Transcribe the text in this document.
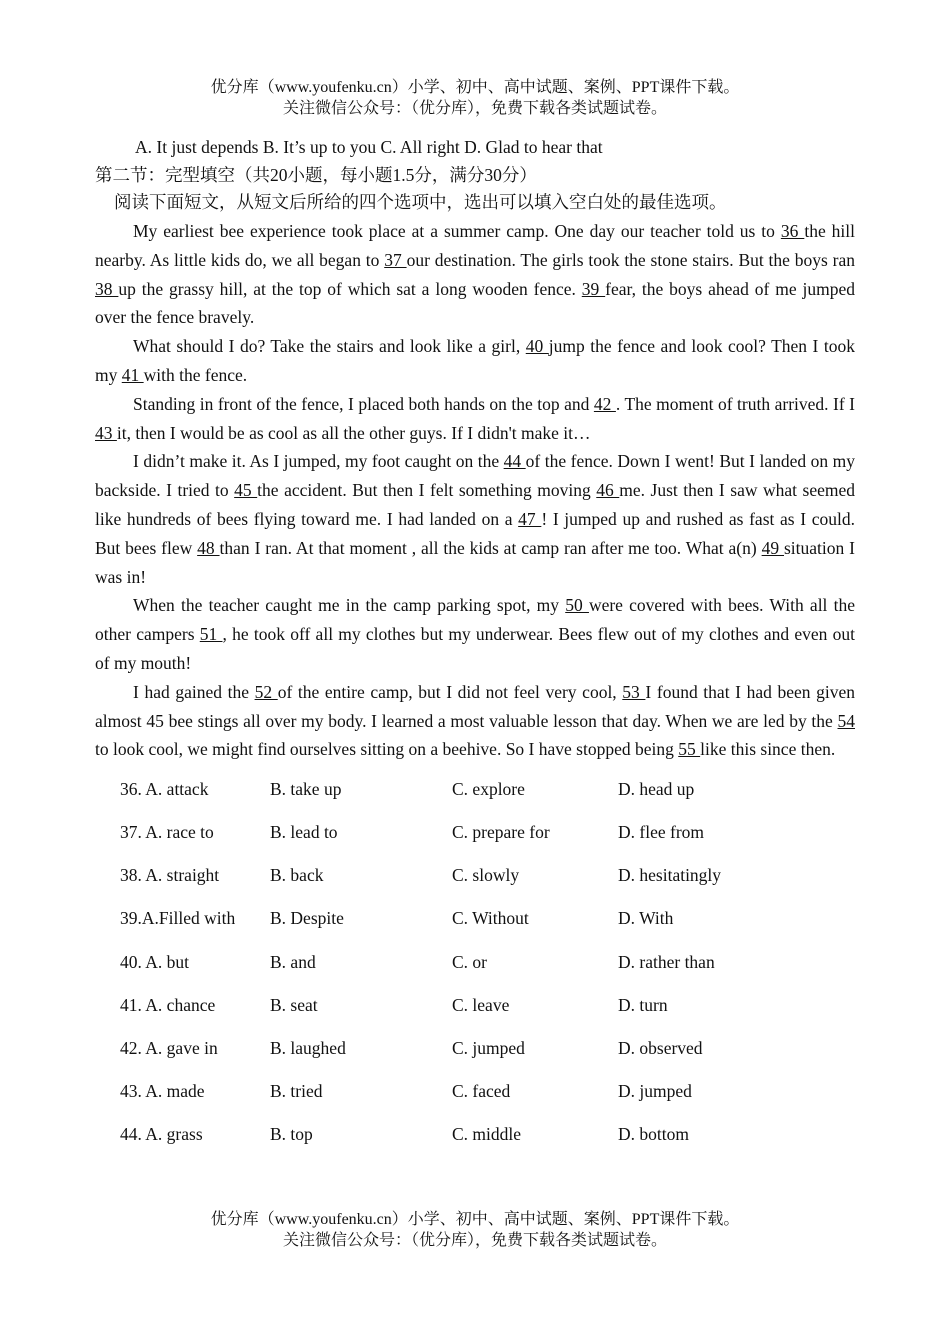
优分库（www.youfenku.cn）小学、初中、高中试题、案例、PPT课件下载。
关注微信公众号：（优分库），免费下载各类试题试卷。
A. It just depends B. It’s up to you C. All right D. Glad to hear that
第二节：完型填空（共20小题，每小题1.5分，满分30分）
阅读下面短文，从短文后所给的四个选项中，选出可以填入空白处的最佳选项。

My earliest bee experience took place at a summer camp. One day our teacher told us to 36 the hill nearby. As little kids do, we all began to 37 our destination. The girls took the stone stairs. But the boys ran 38 up the grassy hill, at the top of which sat a long wooden fence. 39 fear, the boys ahead of me jumped over the fence bravely.

What should I do? Take the stairs and look like a girl, 40 jump the fence and look cool? Then I took my 41 with the fence.

Standing in front of the fence, I placed both hands on the top and 42 . The moment of truth arrived. If I 43 it, then I would be as cool as all the other guys. If I didn't make it…

I didn’t make it. As I jumped, my foot caught on the 44 of the fence. Down I went! But I landed on my backside. I tried to 45 the accident. But then I felt something moving 46 me. Just then I saw what seemed like hundreds of bees flying toward me. I had landed on a 47 ! I jumped up and rushed as fast as I could. But bees flew 48 than I ran. At that moment , all the kids at camp ran after me too. What a(n) 49 situation I was in!

When the teacher caught me in the camp parking spot, my 50 were covered with bees. With all the other campers 51 , he took off all my clothes but my underwear. Bees flew out of my clothes and even out of my mouth!

I had gained the 52 of the entire camp, but I did not feel very cool, 53 I found that I had been given almost 45 bee stings all over my body. I learned a most valuable lesson that day. When we are led by the 54 to look cool, we might find ourselves sitting on a beehive. So I have stopped being 55 like this since then.

36. A. attack	B. take up	C. explore	D. head up
37. A. race to	B. lead to	C. prepare for	D. flee from
38. A. straight	B. back	C. slowly	D. hesitatingly
39.A.Filled with	B. Despite	C. Without	D. With
40. A. but	B. and	C. or	D. rather than
41. A. chance	B. seat	C. leave	D. turn
42. A. gave in	B. laughed	C. jumped	D. observed
43. A. made	B. tried	C. faced	D. jumped
44. A. grass	B. top	C. middle	D. bottom
优分库（www.youfenku.cn）小学、初中、高中试题、案例、PPT课件下载。
关注微信公众号：（优分库），免费下载各类试题试卷。
